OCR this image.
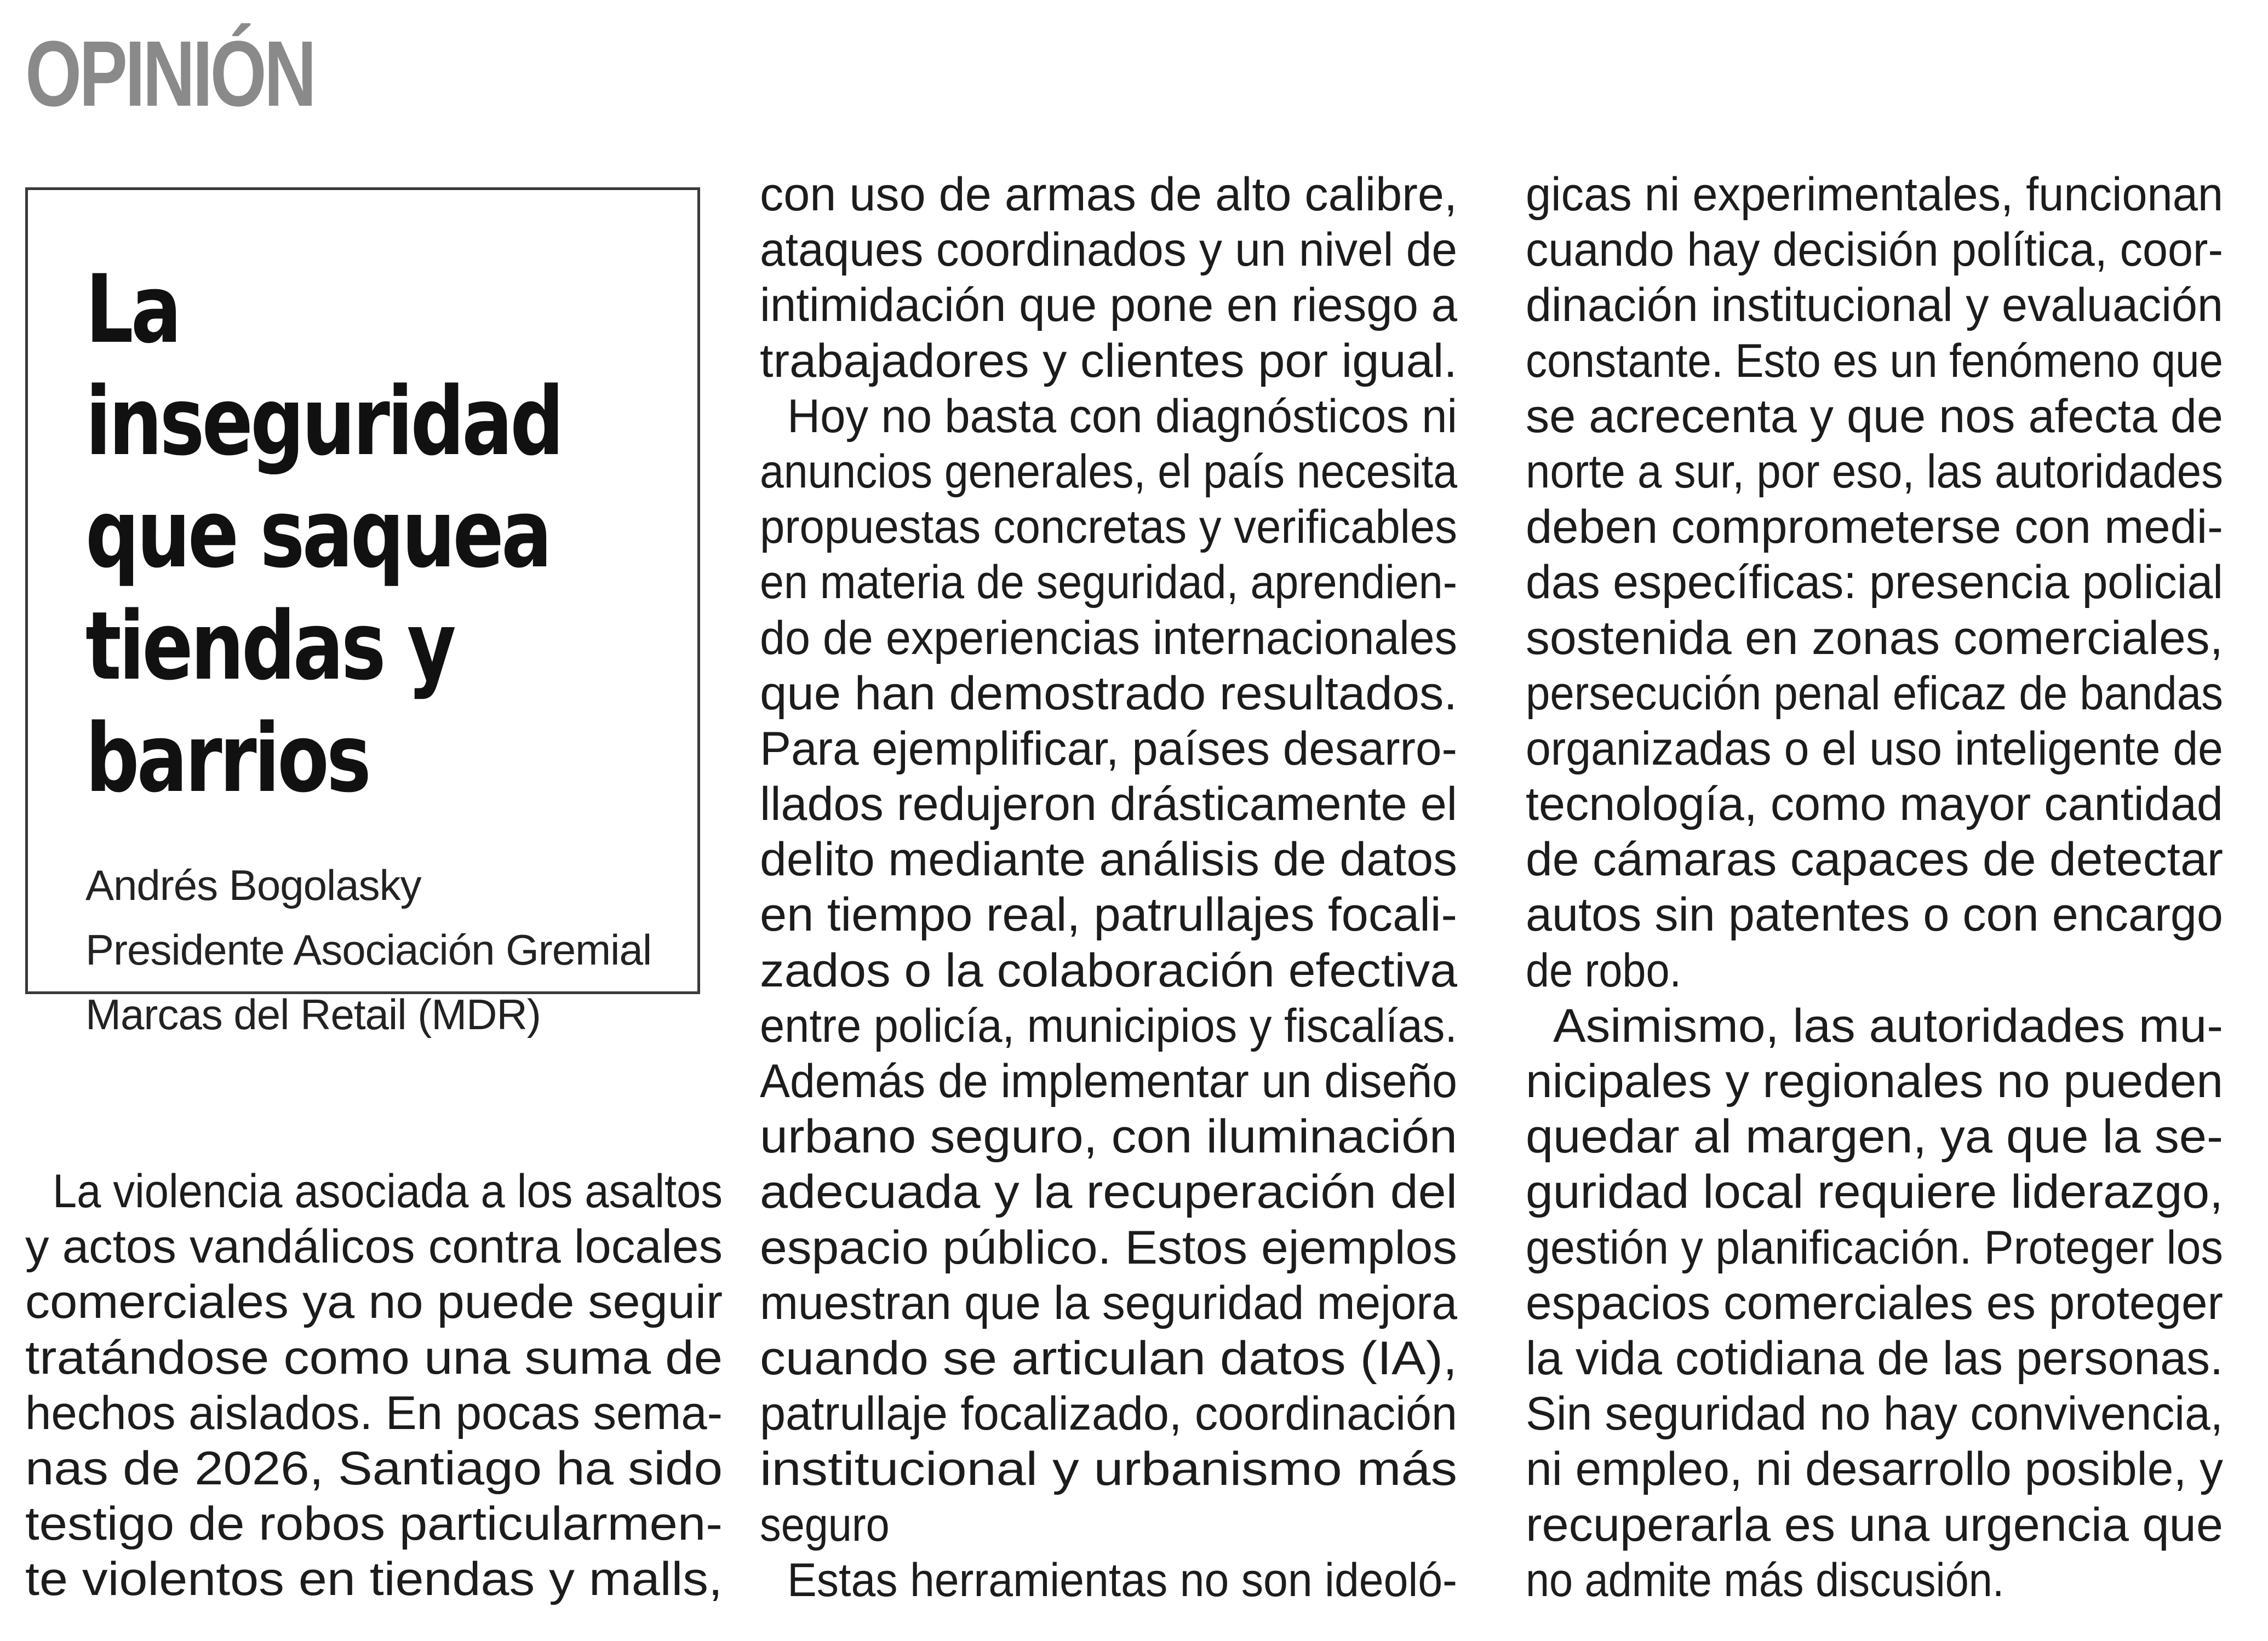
OPINIÓN
La inseguridad
que saquea
tiendas y
barrios
Andrés Bogolasky
Presidente Asociación Gremial
Marcas del Retail (MDR)
La violencia asociada a los asaltos
y actos vandálicos contra locales
comerciales ya no puede seguir
tratándose como una suma de
hechos aislados. En pocas sema-
nas de 2026, Santiago ha sido
testigo de robos particularmen-
te violentos en tiendas y malls,
con uso de armas de alto calibre,
ataques coordinados y un nivel de
intimidación que pone en riesgo a
trabajadores y clientes por igual.
Hoy no basta con diagnósticos ni
anuncios generales, el país necesita
propuestas concretas y verificables
en materia de seguridad, aprendien-
do de experiencias internacionales
que han demostrado resultados.
Para ejemplificar, países desarro-
llados redujeron drásticamente el
delito mediante análisis de datos
en tiempo real, patrullajes focali-
zados o la colaboración efectiva
entre policía, municipios y fiscalías.
Además de implementar un diseño
urbano seguro, con iluminación
adecuada y la recuperación del
espacio público. Estos ejemplos
muestran que la seguridad mejora
cuando se articulan datos (IA),
patrullaje focalizado, coordinación
institucional y urbanismo más
seguro
Estas herramientas no son ideoló-
gicas ni experimentales, funcionan
cuando hay decisión política, coor-
dinación institucional y evaluación
constante. Esto es un fenómeno que
se acrecenta y que nos afecta de
norte a sur, por eso, las autoridades
deben comprometerse con medi-
das específicas: presencia policial
sostenida en zonas comerciales,
persecución penal eficaz de bandas
organizadas o el uso inteligente de
tecnología, como mayor cantidad
de cámaras capaces de detectar
autos sin patentes o con encargo
de robo.
Asimismo, las autoridades mu-
nicipales y regionales no pueden
quedar al margen, ya que la se-
guridad local requiere liderazgo,
gestión y planificación. Proteger los
espacios comerciales es proteger
la vida cotidiana de las personas.
Sin seguridad no hay convivencia,
ni empleo, ni desarrollo posible, y
recuperarla es una urgencia que
no admite más discusión.
